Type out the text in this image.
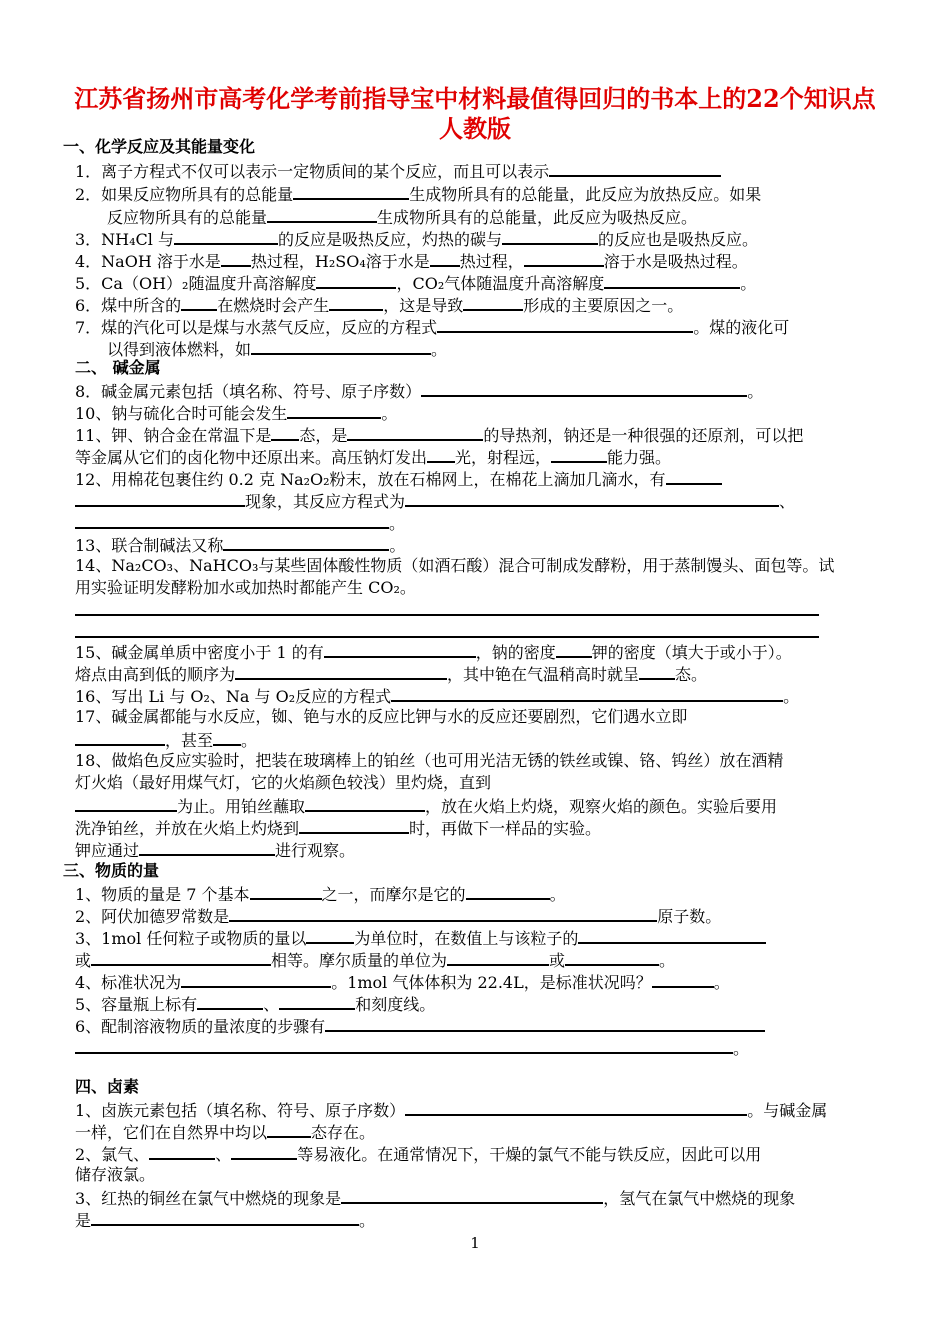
江苏省扬州市高考化学考前指导宝中材料最值得回归的书本上的22个知识点 人教版
一、化学反应及其能量变化
1．离子方程式不仅可以表示一定物质间的某个反应，而且可以表示
2．如果反应物所具有的总能量	生成物所具有的总能量，此反应为放热反应。如果
反应物所具有的总能量	生成物所具有的总能量，此反应为吸热反应。
3．NH₄Cl 与	的反应是吸热反应，灼热的碳与	的反应也是吸热反应。
4．NaOH 溶于水是 热过程，H₂SO₄溶于水是 热过程，	溶于水是吸热过程。
5．Ca（OH）₂随温度升高溶解度	，CO₂气体随温度升高溶解度	。
6．煤中所含的 在燃烧时会产生	，这是导致	形成的主要原因之一。
7．煤的汽化可以是煤与水蒸气反应，反应的方程式	。煤的液化可
以得到液体燃料，如	。
二、 碱金属
8．碱金属元素包括（填名称、符号、原子序数）	。
10、钠与硫化合时可能会发生	。
11、钾、钠合金在常温下是 态，是	的导热剂，钠还是一种很强的还原剂，可以把
等金属从它们的卤化物中还原出来。高压钠灯发出 光，射程远，	能力强。
12、用棉花包裹住约 0.2 克 Na₂O₂粉末，放在石棉网上，在棉花上滴加几滴水，有
现象，其反应方程式为	、
。
13、联合制碱法又称	。
14、Na₂CO₃、NaHCO₃与某些固体酸性物质（如酒石酸）混合可制成发酵粉，用于蒸制馒头、面包等。试
用实验证明发酵粉加水或加热时都能产生 CO₂。
15、碱金属单质中密度小于 1 的有	，钠的密度 钾的密度（填大于或小于）。
熔点由高到低的顺序为	，其中铯在气温稍高时就呈 态。
16、写出 Li 与 O₂、Na 与 O₂反应的方程式	。
17、碱金属都能与水反应，铷、铯与水的反应比钾与水的反应还要剧烈，它们遇水立即
，甚至 。
18、做焰色反应实验时，把装在玻璃棒上的铂丝（也可用光洁无锈的铁丝或镍、铬、钨丝）放在酒精
灯火焰（最好用煤气灯，它的火焰颜色较浅）里灼烧，直到
为止。用铂丝蘸取	，放在火焰上灼烧，观察火焰的颜色。实验后要用
洗净铂丝，并放在火焰上灼烧到	时，再做下一样品的实验。
钾应通过	进行观察。
三、物质的量
1、物质的量是 7 个基本	之一，而摩尔是它的	。
2、阿伏加德罗常数是	原子数。
3、1mol 任何粒子或物质的量以	为单位时，在数值上与该粒子的
或	相等。摩尔质量的单位为	或	。
4、标准状况为	。1mol 气体体积为 22.4L，是标准状况吗？	。
5、容量瓶上标有	、	和刻度线。
6、配制溶液物质的量浓度的步骤有
。
四、卤素
1、卤族元素包括（填名称、符号、原子序数）	。与碱金属
一样，它们在自然界中均以	态存在。
2、氯气、	、	等易液化。在通常情况下，干燥的氯气不能与铁反应，因此可以用
储存液氯。
3、红热的铜丝在氯气中燃烧的现象是	，氢气在氯气中燃烧的现象
是	。
1
